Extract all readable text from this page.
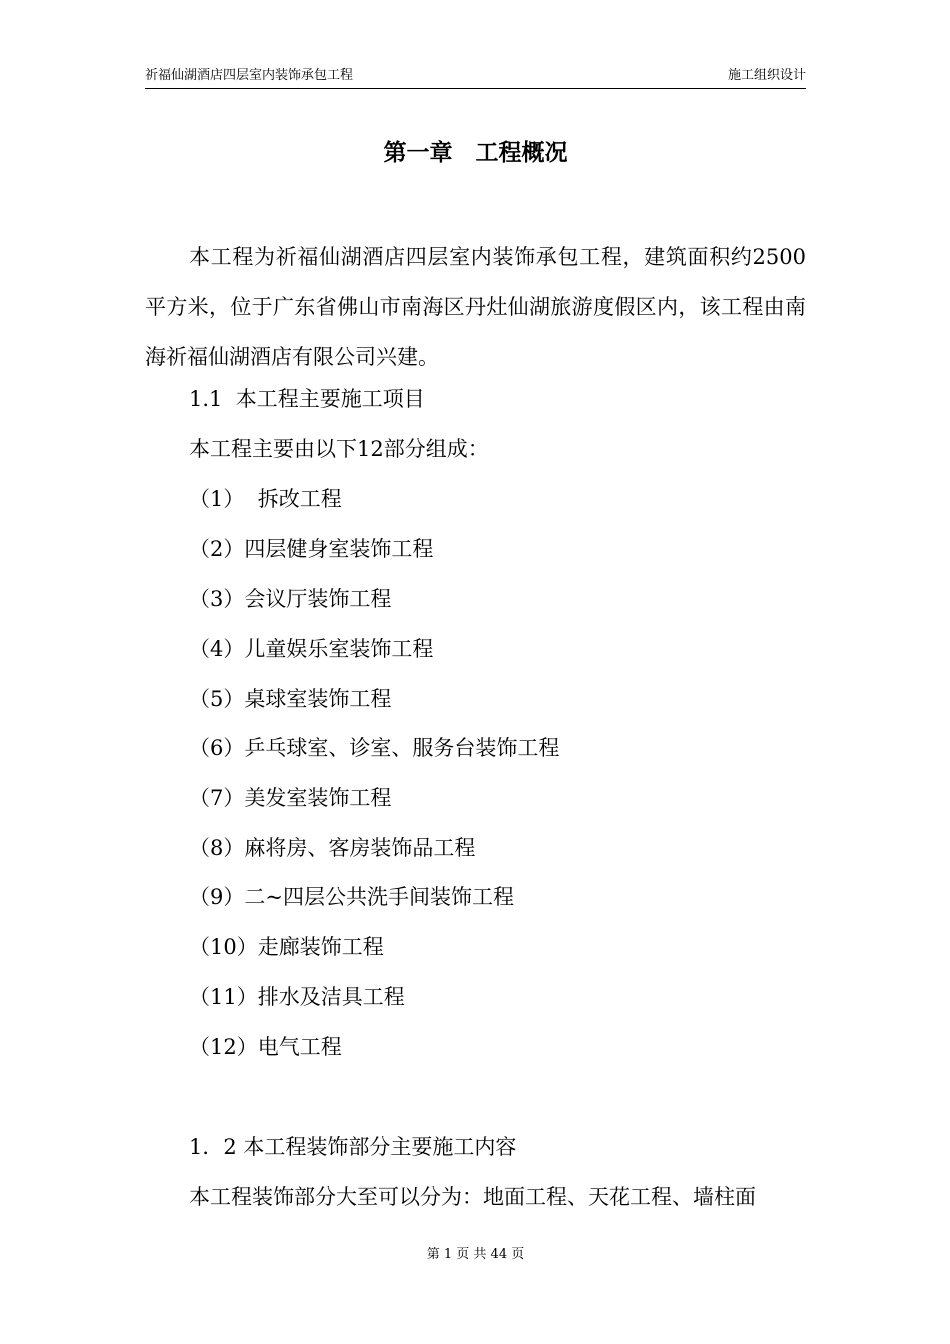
祈福仙湖酒店四层室内装饰承包工程	施工组织设计
第一章　工程概况

本工程为祈福仙湖酒店四层室内装饰承包工程，建筑面积约2500平方米，位于广东省佛山市南海区丹灶仙湖旅游度假区内，该工程由南海祈福仙湖酒店有限公司兴建。

1.1  本工程主要施工项目
本工程主要由以下12部分组成：
（1）  拆改工程
（2）四层健身室装饰工程
（3）会议厅装饰工程
（4）儿童娱乐室装饰工程
（5）桌球室装饰工程
（6）乒乓球室、诊室、服务台装饰工程
（7）美发室装饰工程
（8）麻将房、客房装饰品工程
（9）二~四层公共洗手间装饰工程
（10）走廊装饰工程
（11）排水及洁具工程
（12）电气工程
1．2 本工程装饰部分主要施工内容
本工程装饰部分大至可以分为：地面工程、天花工程、墙柱面
第 1 页 共 44 页
